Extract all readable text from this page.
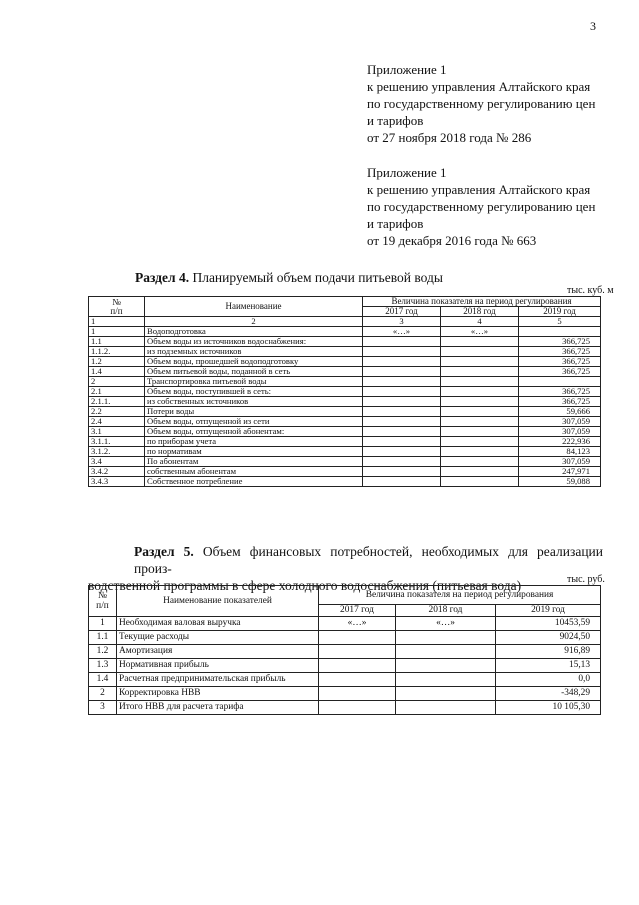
3
Приложение 1
к решению управления Алтайского края
по государственному регулированию цен
и тарифов
от 27 ноября 2018 года № 286
Приложение 1
к решению управления Алтайского края
по государственному регулированию цен
и тарифов
от 19 декабря 2016 года № 663
Раздел 4. Планируемый объем подачи питьевой воды
тыс. куб. м
№
п/п	Наименование	Величина показателя на период регулирования		
		2017 год	2018 год	2019 год
1	2	3	4	5
1	Водоподготовка	«…»	«…»	
1.1	Объем воды из источников водоснабжения:			366,725
1.1.2.	из подземных источников			366,725
1.2	Объем воды, прошедшей водоподготовку			366,725
1.4	Объем питьевой воды, поданной в сеть			366,725
2	Транспортировка питьевой воды			
2.1	Объем воды, поступившей в сеть:			366,725
2.1.1.	из собственных источников			366,725
2.2	Потери воды			59,666
2.4	Объем воды, отпущенной из сети			307,059
3.1	Объем воды, отпущенной абонентам:			307,059
3.1.1.	по приборам учета			222,936
3.1.2.	по нормативам			84,123
3.4	По абонентам			307,059
3.4.2	собственным абонентам			247,971
3.4.3	Собственное потребление			59,088
Раздел 5. Объем финансовых потребностей, необходимых для реализации произ-
водственной программы в сфере холодного водоснабжения (питьевая вода)	тыс. руб.
№
п/п	Наименование показателей	Величина показателя на период регулирования		
		2017 год	2018 год	2019 год
1	Необходимая валовая выручка	«…»	«…»	10453,59
1.1	Текущие расходы			9024,50
1.2	Амортизация			916,89
1.3	Нормативная прибыль			15,13
1.4	Расчетная предпринимательская прибыль			0,0
2	Корректировка НВВ			-348,29
3	Итого НВВ для расчета тарифа			10 105,30
